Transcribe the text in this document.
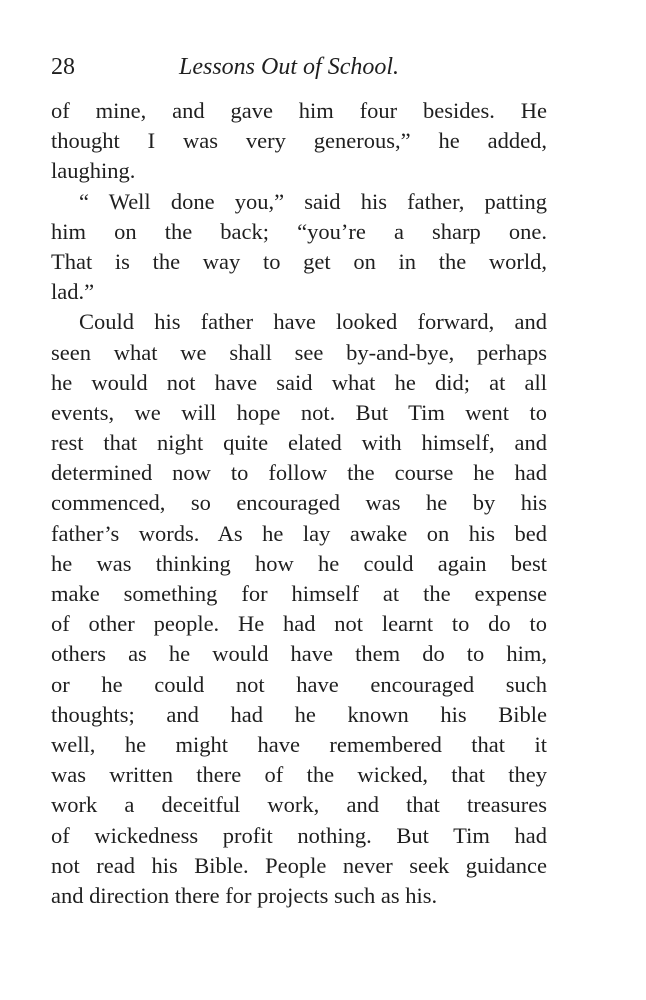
28	Lessons Out of School.
of mine, and gave him four besides. He
thought I was very generous,” he added,
laughing.
“ Well done you,” said his father, patting
him on the back; “you’re a sharp one.
That is the way to get on in the world,
lad.”
Could his father have looked forward, and
seen what we shall see by-and-bye, perhaps
he would not have said what he did; at all
events, we will hope not. But Tim went to
rest that night quite elated with himself, and
determined now to follow the course he had
commenced, so encouraged was he by his
father’s words. As he lay awake on his bed
he was thinking how he could again best
make something for himself at the expense
of other people. He had not learnt to do to
others as he would have them do to him,
or he could not have encouraged such
thoughts; and had he known his Bible
well, he might have remembered that it
was written there of the wicked, that they
work a deceitful work, and that treasures
of wickedness profit nothing. But Tim had
not read his Bible. People never seek guidance
and direction there for projects such as his.
